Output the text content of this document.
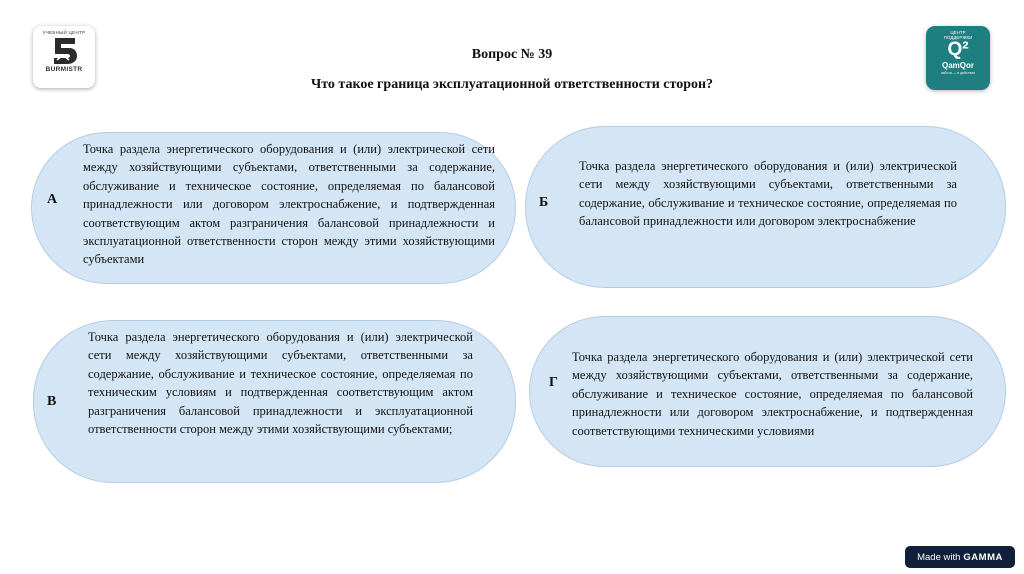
УЧЕБНЫЙ ЦЕНТР
5
BURMISTR
Вопрос № 39
Что такое граница эксплуатационной ответственности сторон?
ЦЕНТР ПОДДЕРЖКИ
Q²
QamQor
забота — в действии
А
Точка раздела энергетического оборудования и (или) электрической сети между хозяйствующими субъектами, ответственными за содержание, обслуживание и техническое состояние, определяемая по балансовой принадлежности или договором электроснабжение, и подтвержденная соответствующим актом разграничения балансовой принадлежности и эксплуатационной ответственности сторон между этими хозяйствующими субъектами
Б
Точка раздела энергетического оборудования и (или) электрической сети между хозяйствующими субъектами, ответственными за содержание, обслуживание и техническое состояние, определяемая по балансовой принадлежности или договором электроснабжение
В
Точка раздела энергетического оборудования и (или) электрической сети между хозяйствующими субъектами, ответственными за содержание, обслуживание и техническое состояние, определяемая по техническим условиям и подтвержденная соответствующим актом разграничения балансовой принадлежности и эксплуатационной ответственности сторон между этими хозяйствующими субъектами;
Г
Точка раздела энергетического оборудования и (или) электрической сети между хозяйствующими субъектами, ответственными за содержание, обслуживание и техническое состояние, определяемая по балансовой принадлежности или договором электроснабжение, и подтвержденная соответствующими техническими условиями
Made with GAMMA
